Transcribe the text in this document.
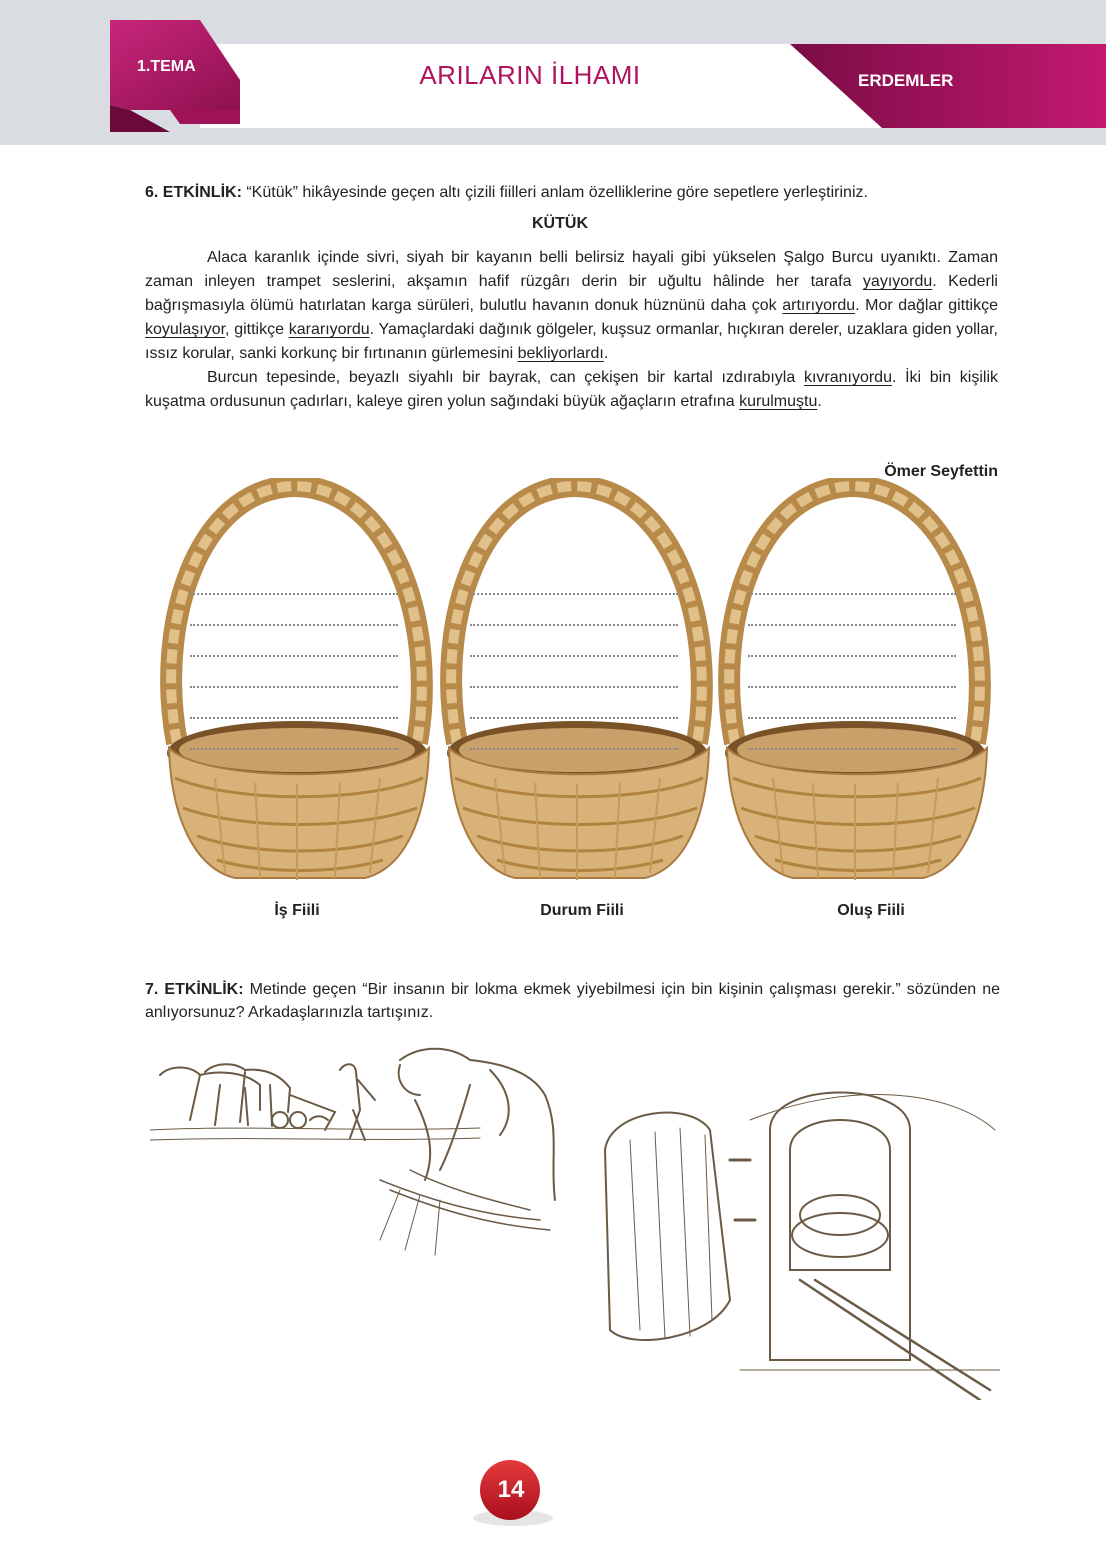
1.TEMA	ARILARIN İLHAMI	ERDEMLER
6. ETKİNLİK: “Kütük” hikâyesinde geçen altı çizili fiilleri anlam özelliklerine göre sepetlere yerleştiriniz.
KÜTÜK

Alaca karanlık içinde sivri, siyah bir kayanın belli belirsiz hayali gibi yükselen Şalgo Burcu uyanıktı. Zaman zaman inleyen trampet seslerini, akşamın hafif rüzgârı derin bir uğultu hâlinde her tarafa yayıyordu. Kederli bağrışmasıyla ölümü hatırlatan karga sürüleri, bulutlu havanın donuk hüznünü daha çok artırıyordu. Mor dağlar gittikçe koyulaşıyor, gittikçe kararıyordu. Yamaçlardaki dağınık gölgeler, kuşsuz ormanlar, hıçkıran dereler, uzaklara giden yollar, ıssız korular, sanki korkunç bir fırtınanın gürlemesini bekliyorlardı.

Burcun tepesinde, beyazlı siyahlı bir bayrak, can çekişen bir kartal ızdırabıyla kıvranıyordu. İki bin kişilik kuşatma ordusunun çadırları, kaleye giren yolun sağındaki büyük ağaçların etrafına kurulmuştu.

Ömer Seyfettin
İş Fiili	Durum Fiili	Oluş Fiili
7. ETKİNLİK: Metinde geçen “Bir insanın bir lokma ekmek yiyebilmesi için bin kişinin çalışması gerekir.” sözünden ne anlıyorsunuz? Arkadaşlarınızla tartışınız.
14
